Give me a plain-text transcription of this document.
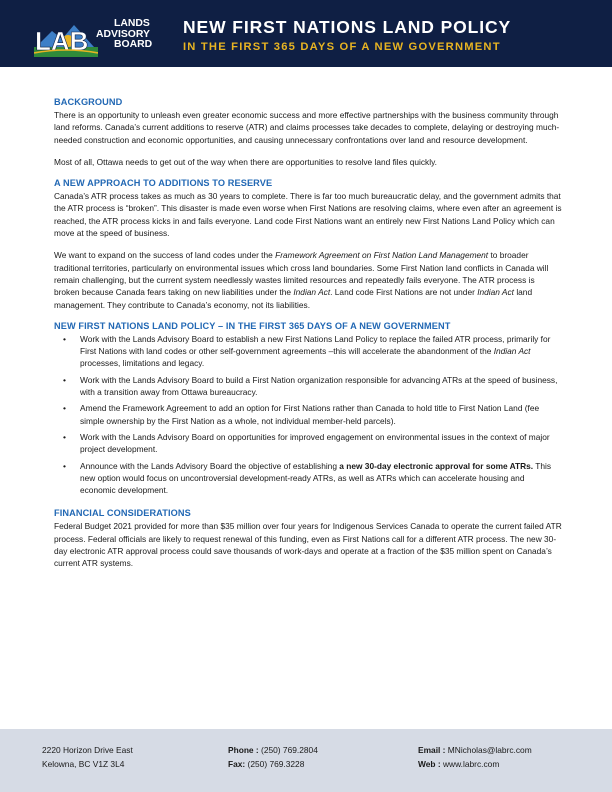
LAB
LANDS
ADVISORY
BOARD
NEW FIRST NATIONS LAND POLICY
IN THE FIRST 365 DAYS OF A NEW GOVERNMENT
BACKGROUND

There is an opportunity to unleash even greater economic success and more effective partnerships with the business community through land reforms. Canada’s current additions to reserve (ATR) and claims processes take decades to complete, delaying or destroying much-needed construction and economic opportunities, and causing unnecessary confrontations over land and resource development.

Most of all, Ottawa needs to get out of the way when there are opportunities to resolve land files quickly.

A NEW APPROACH TO ADDITIONS TO RESERVE

Canada’s ATR process takes as much as 30 years to complete. There is far too much bureaucratic delay, and the government admits that the ATR process is “broken”. This disaster is made even worse when First Nations are resolving claims, where even after an agreement is reached, the ATR process kicks in and fails everyone. Land code First Nations want an entirely new First Nations Land Policy which can move at the speed of business.

We want to expand on the success of land codes under the Framework Agreement on First Nation Land Management to broader traditional territories, particularly on environmental issues which cross land boundaries. Some First Nation land conflicts in Canada will remain challenging, but the current system needlessly wastes limited resources and repeatedly fails everyone. The ATR process is broken because Canada fears taking on new liabilities under the Indian Act. Land code First Nations are not under Indian Act land management. They contribute to Canada’s economy, not its liabilities.

NEW FIRST NATIONS LAND POLICY – IN THE FIRST 365 DAYS OF A NEW GOVERNMENT
• Work with the Lands Advisory Board to establish a new First Nations Land Policy to replace the failed ATR process, primarily for First Nations with land codes or other self-government agreements –this will accelerate the abandonment of the Indian Act processes, limitations and legacy.
• Work with the Lands Advisory Board to build a First Nation organization responsible for advancing ATRs at the speed of business, with a transition away from Ottawa bureaucracy.
• Amend the Framework Agreement to add an option for First Nations rather than Canada to hold title to First Nation Land (fee simple ownership by the First Nation as a whole, not individual member-held parcels).
• Work with the Lands Advisory Board on opportunities for improved engagement on environmental issues in the context of major project development.
• Announce with the Lands Advisory Board the objective of establishing a new 30-day electronic approval for some ATRs. This new option would focus on uncontroversial development-ready ATRs, as well as ATRs which can accelerate housing and economic development.
FINANCIAL CONSIDERATIONS

Federal Budget 2021 provided for more than $35 million over four years for Indigenous Services Canada to operate the current failed ATR process. Federal officials are likely to request renewal of this funding, even as First Nations call for a different ATR process. The new 30-day electronic ATR approval process could save thousands of work-days and operate at a fraction of the $35 million spent on Canada’s current ATR systems.

2220 Horizon Drive East
Kelowna, BC V1Z 3L4
Phone : (250) 769.2804
Fax: (250) 769.3228
Email : MNicholas@labrc.com
Web : www.labrc.com
